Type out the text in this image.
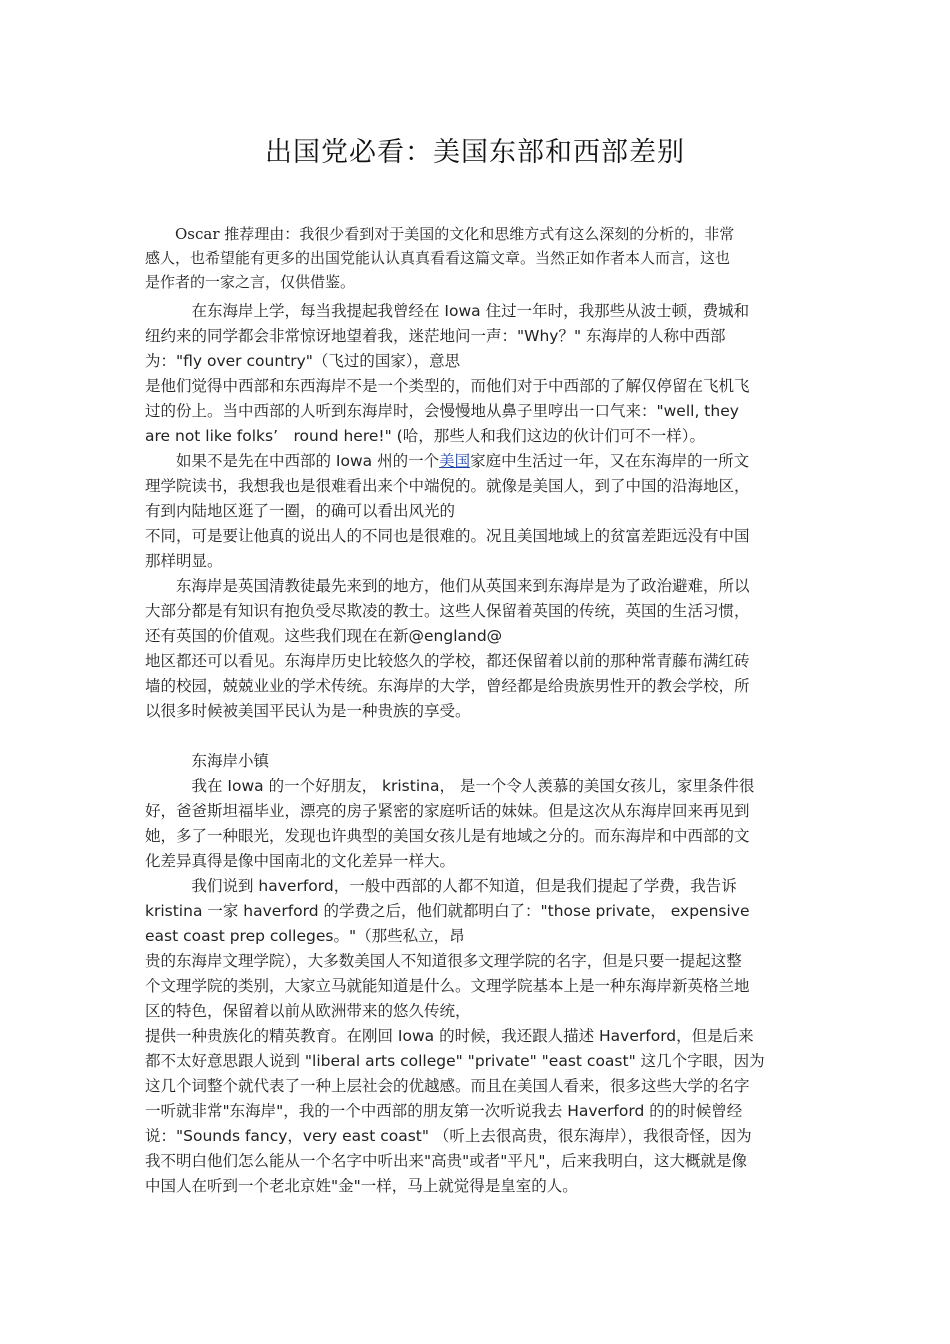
出国党必看：美国东部和西部差别
　　Oscar 推荐理由：我很少看到对于美国的文化和思维方式有这么深刻的分析的，非常
感人，也希望能有更多的出国党能认认真真看看这篇文章。当然正如作者本人而言，这也
是作者的一家之言，仅供借鉴。
　　　在东海岸上学，每当我提起我曾经在 Iowa 住过一年时，我那些从波士顿，费城和
纽约来的同学都会非常惊讶地望着我，迷茫地问一声："Why？" 东海岸的人称中西部
为："fly over country"（飞过的国家），意思
是他们觉得中西部和东西海岸不是一个类型的，而他们对于中西部的了解仅停留在飞机飞
过的份上。当中西部的人听到东海岸时，会慢慢地从鼻子里哼出一口气来："well, they
are not like folks’　round here!" (哈，那些人和我们这边的伙计们可不一样）。
　　如果不是先在中西部的 Iowa 州的一个美国家庭中生活过一年，又在东海岸的一所文
理学院读书，我想我也是很难看出来个中端倪的。就像是美国人，到了中国的沿海地区，
有到内陆地区逛了一圈，的确可以看出风光的
不同，可是要让他真的说出人的不同也是很难的。况且美国地域上的贫富差距远没有中国
那样明显。
　　东海岸是英国清教徒最先来到的地方，他们从英国来到东海岸是为了政治避难，所以
大部分都是有知识有抱负受尽欺凌的教士。这些人保留着英国的传统，英国的生活习惯，
还有英国的价值观。这些我们现在在新@england@
地区都还可以看见。东海岸历史比较悠久的学校，都还保留着以前的那种常青藤布满红砖
墙的校园，兢兢业业的学术传统。东海岸的大学，曾经都是给贵族男性开的教会学校，所
以很多时候被美国平民认为是一种贵族的享受。
　　　东海岸小镇
　　　我在 Iowa 的一个好朋友， kristina， 是一个令人羡慕的美国女孩儿，家里条件很
好，爸爸斯坦福毕业，漂亮的房子紧密的家庭听话的妹妹。但是这次从东海岸回来再见到
她，多了一种眼光，发现也许典型的美国女孩儿是有地域之分的。而东海岸和中西部的文
化差异真得是像中国南北的文化差异一样大。
　　　我们说到 haverford，一般中西部的人都不知道，但是我们提起了学费，我告诉
kristina 一家 haverford 的学费之后，他们就都明白了："those private， expensive
east coast prep colleges。"（那些私立，昂
贵的东海岸文理学院），大多数美国人不知道很多文理学院的名字，但是只要一提起这整
个文理学院的类别，大家立马就能知道是什么。文理学院基本上是一种东海岸新英格兰地
区的特色，保留着以前从欧洲带来的悠久传统，
提供一种贵族化的精英教育。在刚回 Iowa 的时候，我还跟人描述 Haverford，但是后来
都不太好意思跟人说到 "liberal arts college" "private" "east coast" 这几个字眼，因为
这几个词整个就代表了一种上层社会的优越感。而且在美国人看来，很多这些大学的名字
一听就非常"东海岸"，我的一个中西部的朋友第一次听说我去 Haverford 的的时候曾经
说："Sounds fancy，very east coast" （听上去很高贵，很东海岸），我很奇怪，因为
我不明白他们怎么能从一个名字中听出来"高贵"或者"平凡"，后来我明白，这大概就是像
中国人在听到一个老北京姓"金"一样，马上就觉得是皇室的人。
